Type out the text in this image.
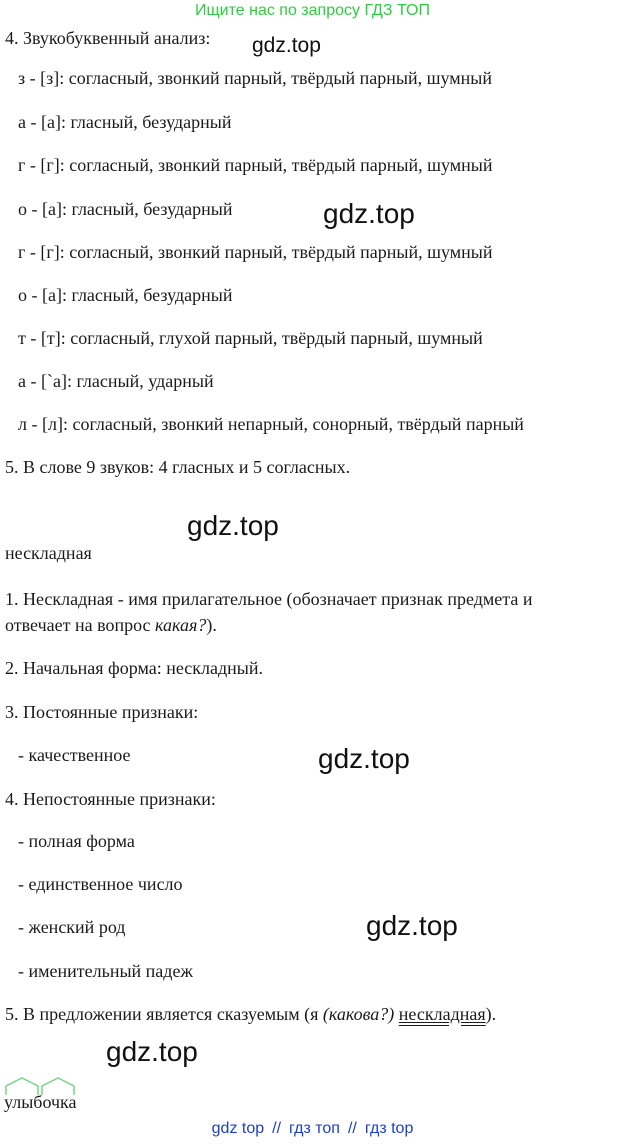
Ищите нас по запросу ГДЗ ТОП
4. Звукобуквенный анализ: gdz.top
з - [з]: согласный, звонкий парный, твёрдый парный, шумный
а - [а]: гласный, безударный
г - [г]: согласный, звонкий парный, твёрдый парный, шумный
о - [а]: гласный, безударный	gdz.top
г - [г]: согласный, звонкий парный, твёрдый парный, шумный
о - [а]: гласный, безударный
т - [т]: согласный, глухой парный, твёрдый парный, шумный
а - [`а]: гласный, ударный
л - [л]: согласный, звонкий непарный, сонорный, твёрдый парный
5. В слове 9 звуков: 4 гласных и 5 согласных.
gdz.top
нескладная
1. Нескладная - имя прилагательное (обозначает признак предмета и
отвечает на вопрос какая?).
2. Начальная форма: нескладный.
3. Постоянные признаки:
- качественное	gdz.top
4. Непостоянные признаки:
- полная форма
- единственное число
- женский род	gdz.top
- именительный падеж
5. В предложении является сказуемым (я (какова?) нескладная).
gdz.top
улыбочка
gdz top // гдз топ // гдз top
